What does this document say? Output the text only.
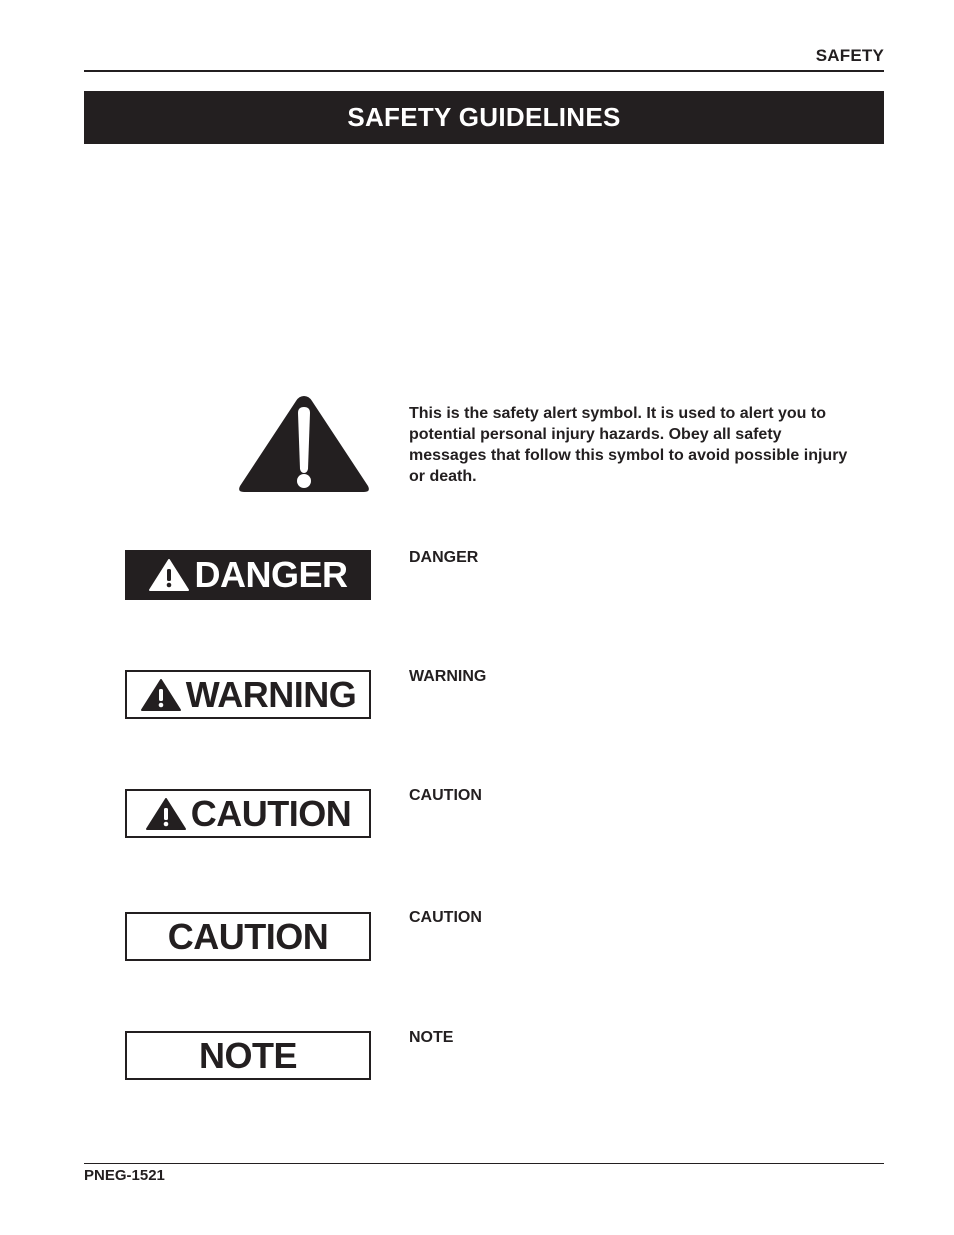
SAFETY
SAFETY GUIDELINES
This is the safety alert symbol. It is used to alert you to potential personal injury hazards. Obey all safety messages that follow this symbol to avoid possible injury or death.
DANGER	DANGER
WARNING	WARNING
CAUTION	CAUTION
CAUTION	CAUTION
NOTE	NOTE
PNEG-1521
